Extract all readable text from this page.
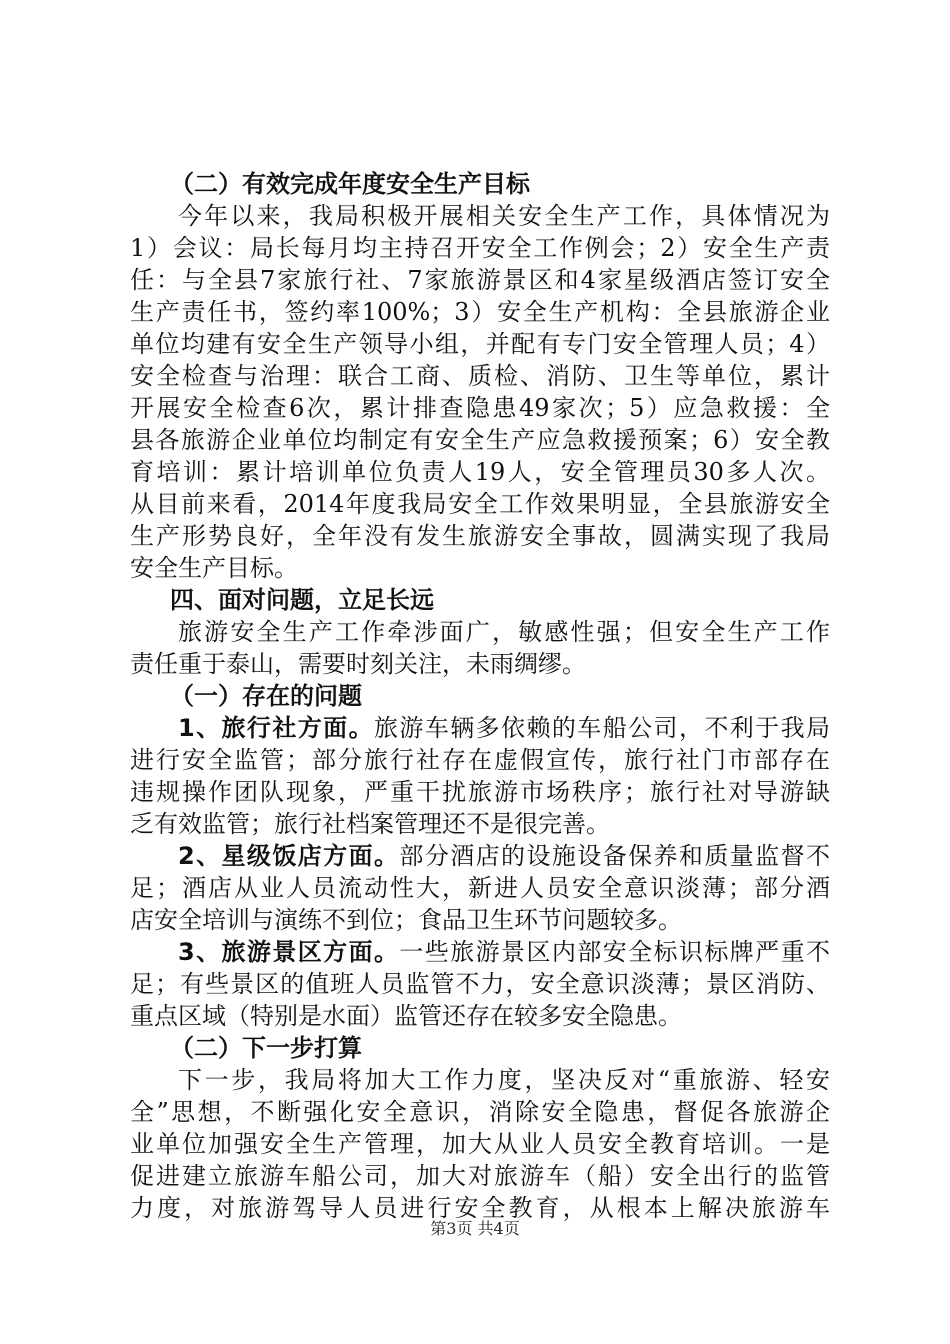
（二）有效完成年度安全生产目标
今年以来，我局积极开展相关安全生产工作，具体情况为
1）会议：局长每月均主持召开安全工作例会；2）安全生产责
任：与全县7家旅行社、7家旅游景区和4家星级酒店签订安全
生产责任书，签约率100%；3）安全生产机构：全县旅游企业
单位均建有安全生产领导小组，并配有专门安全管理人员；4）
安全检查与治理：联合工商、质检、消防、卫生等单位，累计
开展安全检查6次，累计排查隐患49家次；5）应急救援：全
县各旅游企业单位均制定有安全生产应急救援预案；6）安全教
育培训：累计培训单位负责人19人，安全管理员30多人次。
从目前来看，2014年度我局安全工作效果明显，全县旅游安全
生产形势良好，全年没有发生旅游安全事故，圆满实现了我局
安全生产目标。
四、面对问题，立足长远
旅游安全生产工作牵涉面广，敏感性强；但安全生产工作
责任重于泰山，需要时刻关注，未雨绸缪。
（一）存在的问题
1、旅行社方面。旅游车辆多依赖的车船公司，不利于我局
进行安全监管；部分旅行社存在虚假宣传，旅行社门市部存在
违规操作团队现象，严重干扰旅游市场秩序；旅行社对导游缺
乏有效监管；旅行社档案管理还不是很完善。
2、星级饭店方面。部分酒店的设施设备保养和质量监督不
足；酒店从业人员流动性大，新进人员安全意识淡薄；部分酒
店安全培训与演练不到位；食品卫生环节问题较多。
3、旅游景区方面。一些旅游景区内部安全标识标牌严重不
足；有些景区的值班人员监管不力，安全意识淡薄；景区消防、
重点区域（特别是水面）监管还存在较多安全隐患。
（二）下一步打算
下一步，我局将加大工作力度，坚决反对“重旅游、轻安
全”思想，不断强化安全意识，消除安全隐患，督促各旅游企
业单位加强安全生产管理，加大从业人员安全教育培训。一是
促进建立旅游车船公司，加大对旅游车（船）安全出行的监管
力度，对旅游驾导人员进行安全教育，从根本上解决旅游车
第3页 共4页
